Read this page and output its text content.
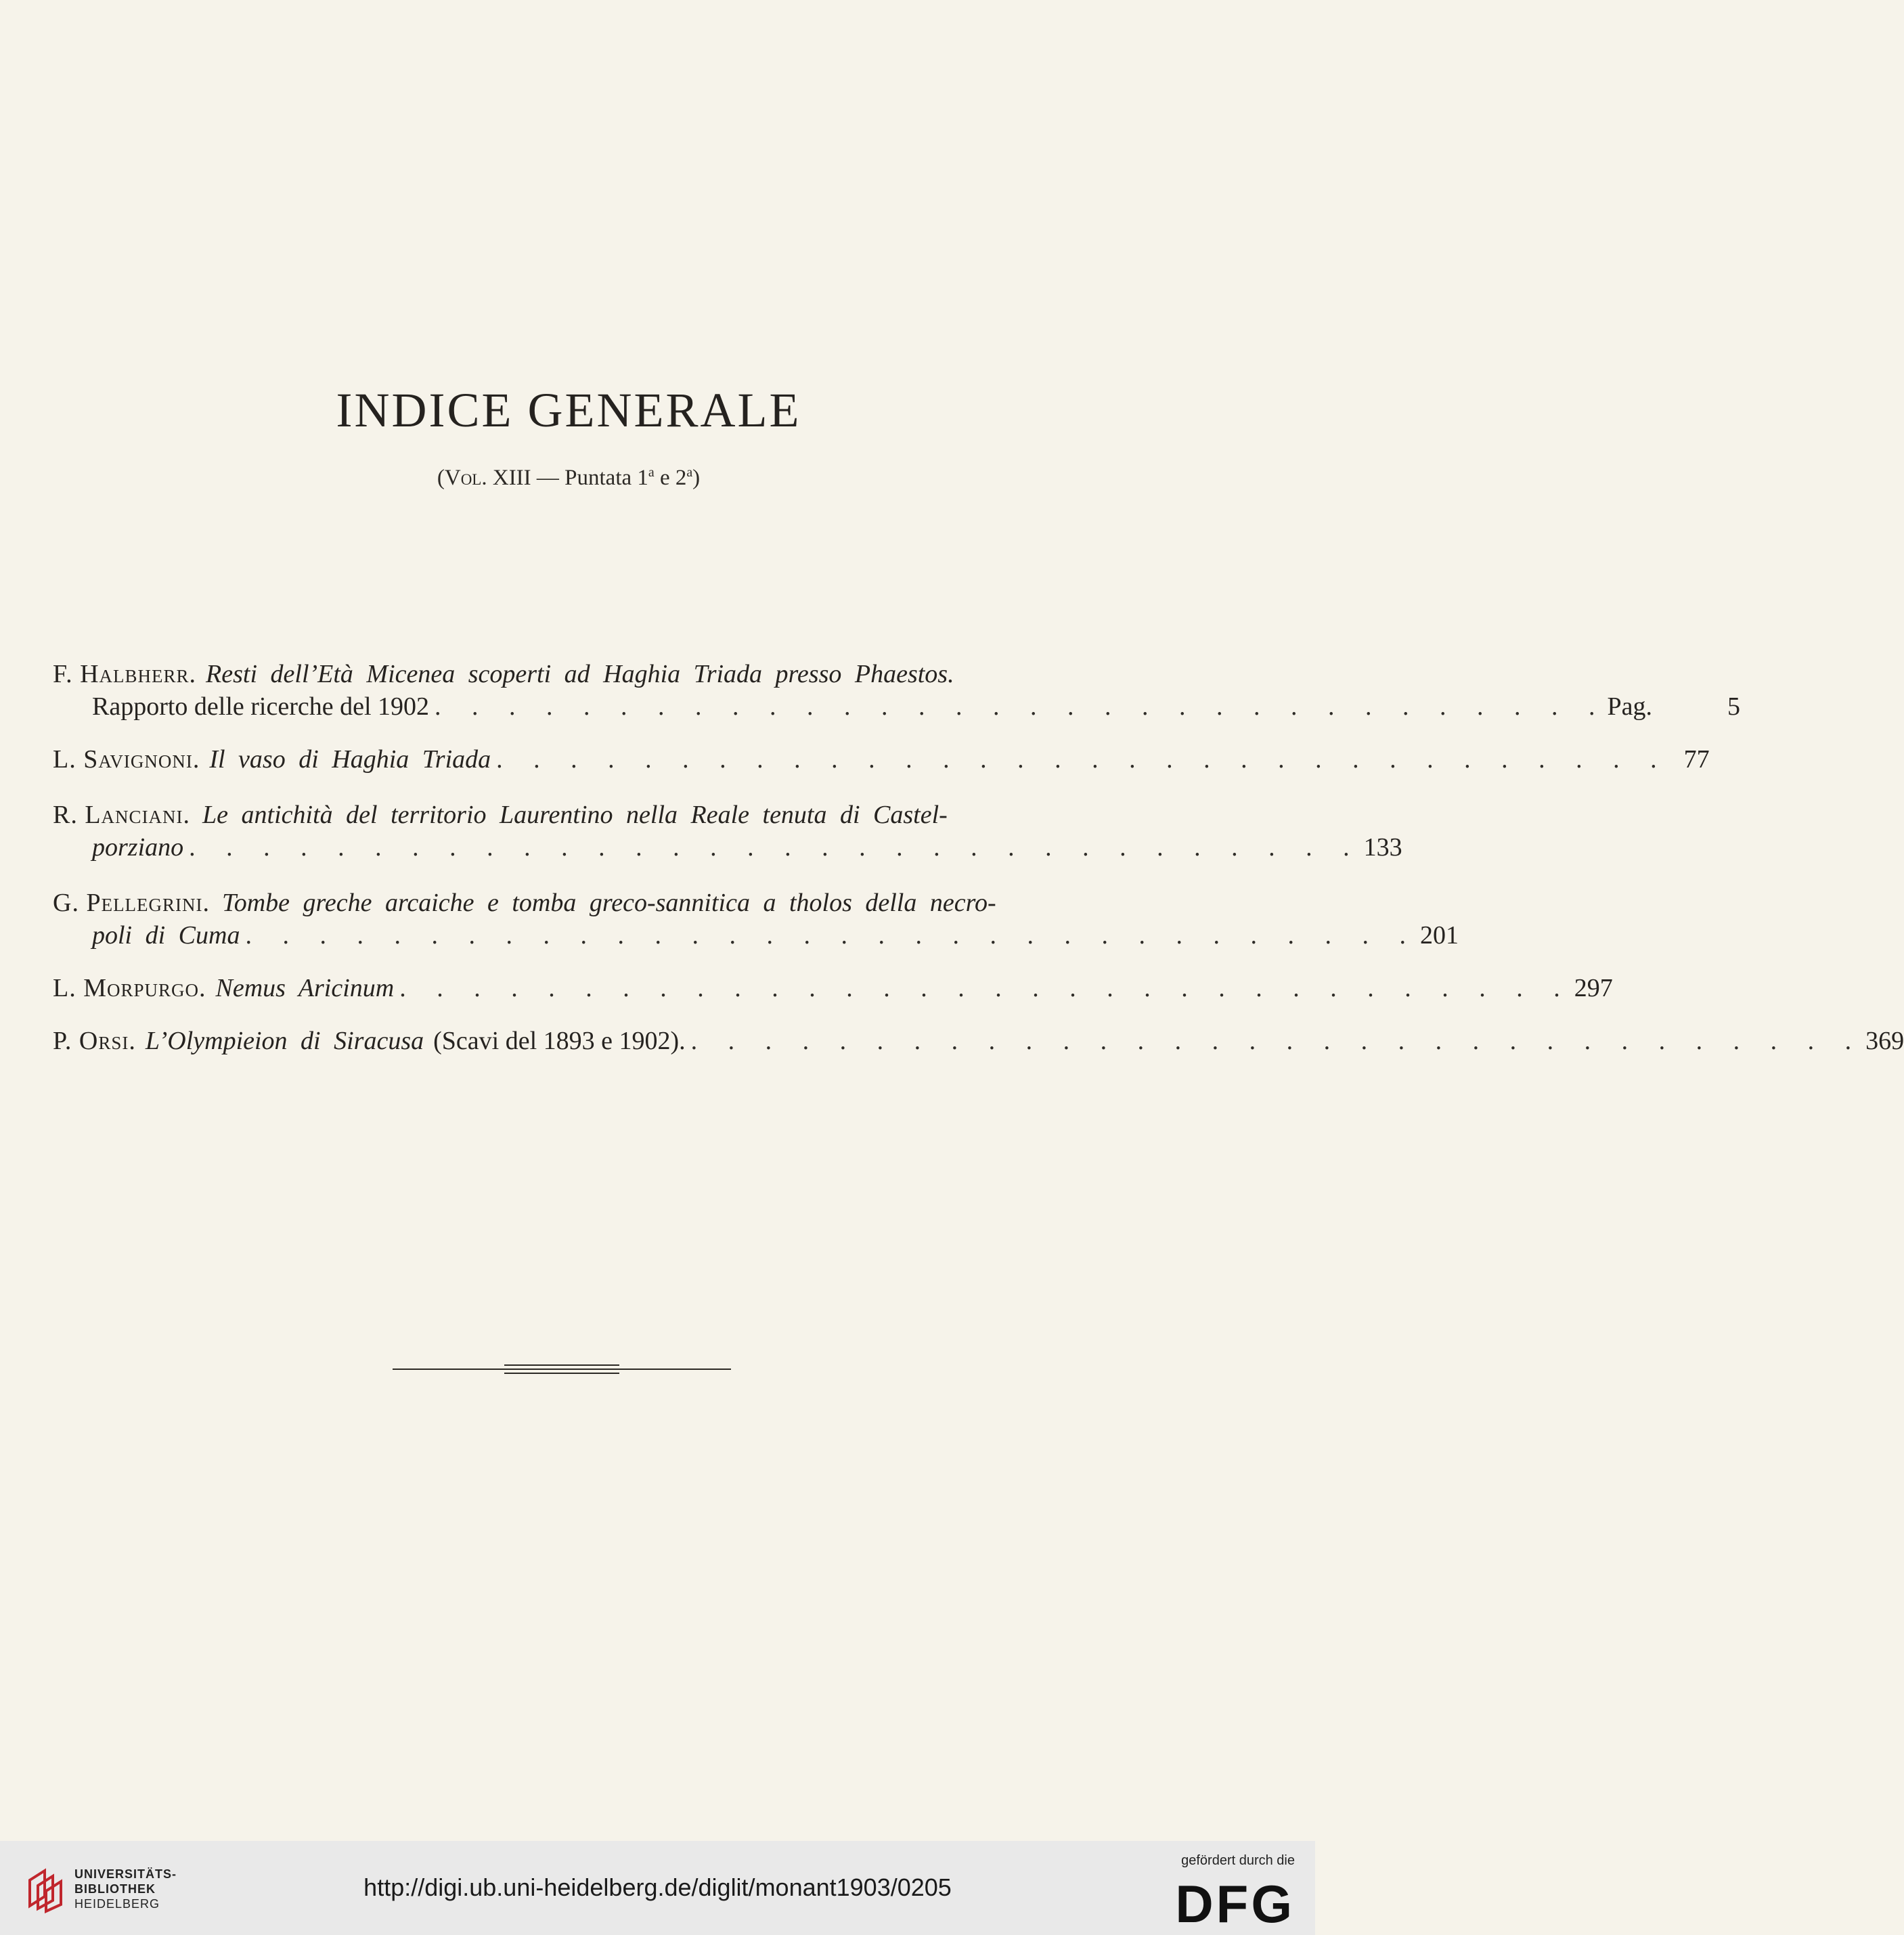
INDICE GENERALE
(Vol. XIII — Puntata 1$^a$ e 2$^a$)
F. Halbherr. Resti dell’Età Micenea scoperti ad Haghia Triada presso Phaestos.
Rapporto delle ricerche del 1902 . . . . . . . . . . . . . . . . . . . . . . . . . . . . . . . . Pag.	5
L. Savignoni. Il vaso di Haghia Triada . . . . . . . . . . . . . . . . . . . . . . . . . . . . . . . . 77
R. Lanciani. Le antichità del territorio Laurentino nella Reale tenuta di Castel-
porziano . . . . . . . . . . . . . . . . . . . . . . . . . . . . . . . . 133
G. Pellegrini. Tombe greche arcaiche e tomba greco-sannitica a tholos della necro-
poli di Cuma . . . . . . . . . . . . . . . . . . . . . . . . . . . . . . . . 201
L. Morpurgo. Nemus Aricinum . . . . . . . . . . . . . . . . . . . . . . . . . . . . . . . . 297
P. Orsi. L’Olympieion di Siracusa (Scavi del 1893 e 1902). . . . . . . . . . . . . . . . . . . . . . . . . . . . . . . . . 369
UNIVERSITÄTS-
BIBLIOTHEK
HEIDELBERG
http://digi.ub.uni-heidelberg.de/diglit/monant1903/0205
gefördert durch die
DFG
